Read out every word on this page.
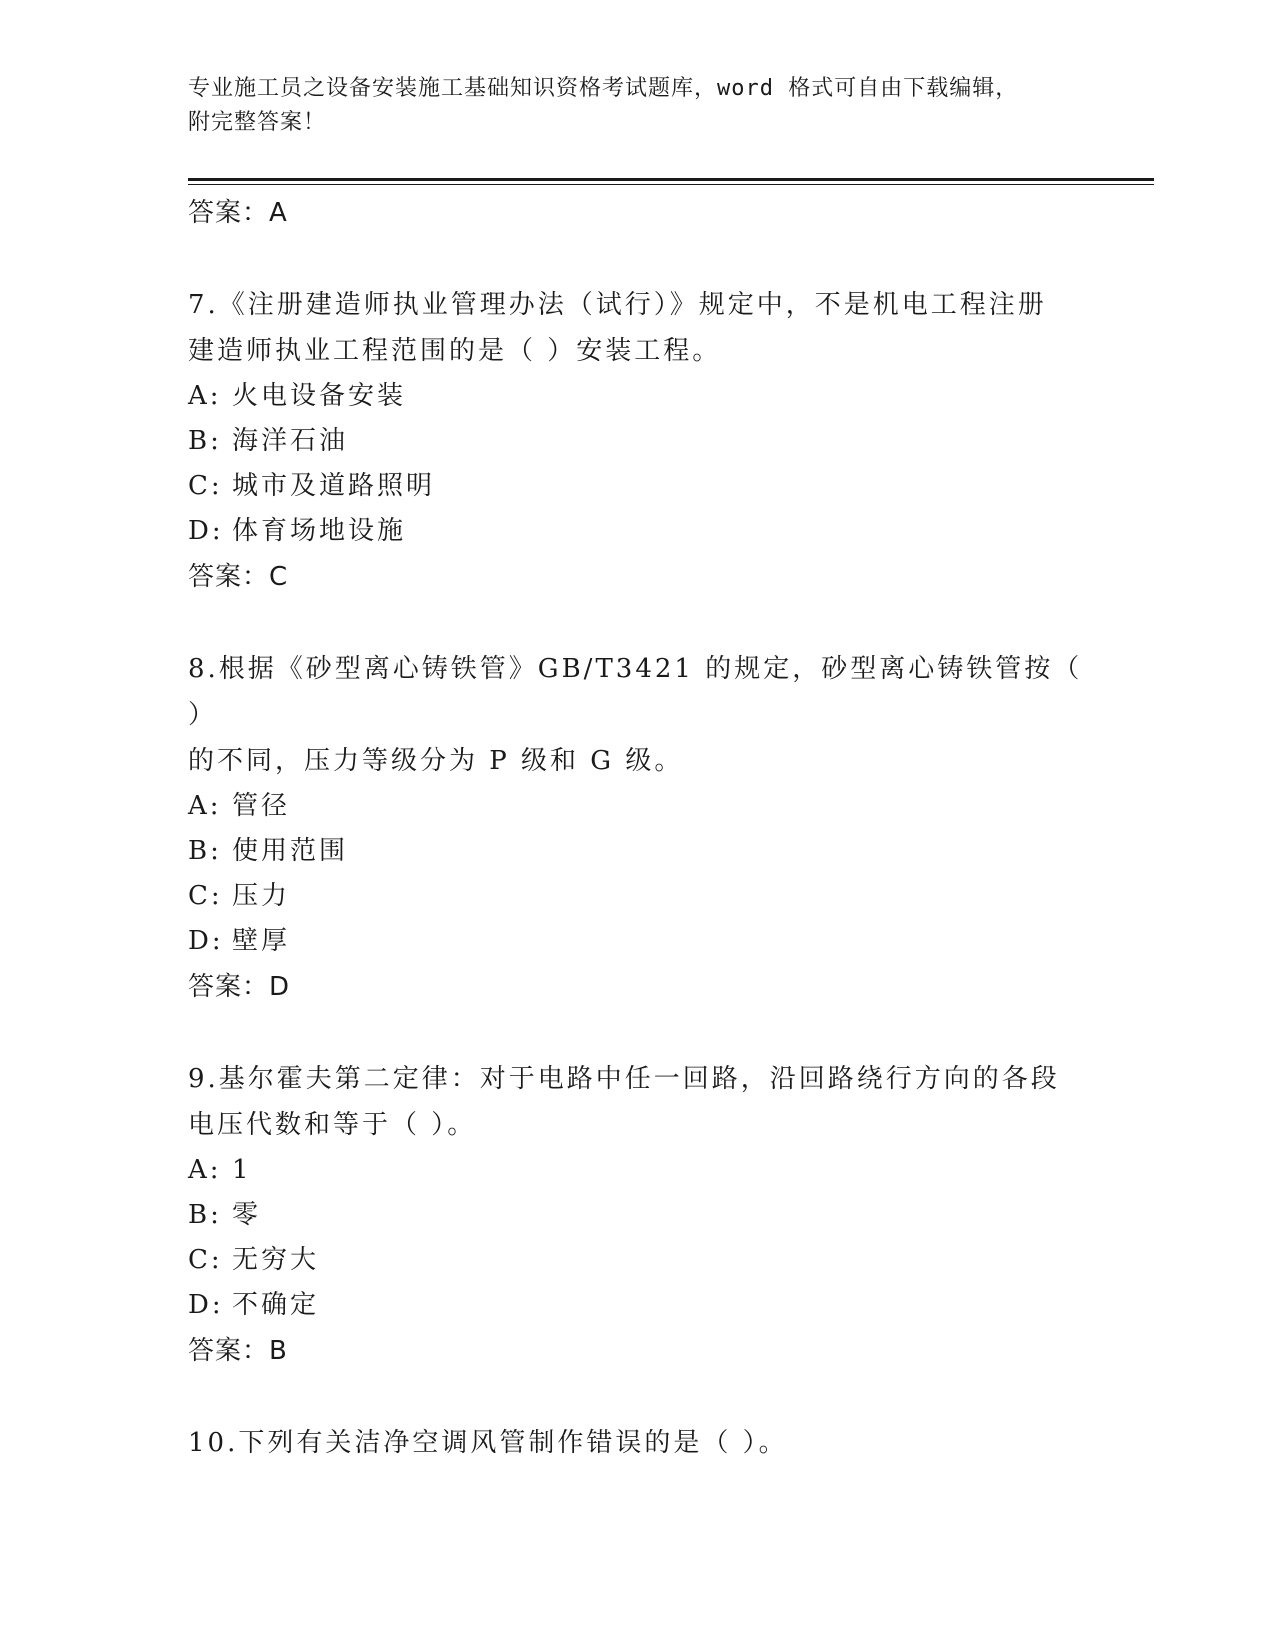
专业施工员之设备安装施工基础知识资格考试题库，word 格式可自由下载编辑，
附完整答案！

答案：A

7.《注册建造师执业管理办法（试行）》规定中，不是机电工程注册

建造师执业工程范围的是（ ）安装工程。

A: 火电设备安装

B: 海洋石油

C: 城市及道路照明

D: 体育场地设施

答案：C

8.根据《砂型离心铸铁管》GB/T3421 的规定，砂型离心铸铁管按（ ）

的不同，压力等级分为 P 级和 G 级。

A: 管径

B: 使用范围

C: 压力

D: 壁厚

答案：D

9.基尔霍夫第二定律：对于电路中任一回路，沿回路绕行方向的各段

电压代数和等于（ ）。

A: 1

B: 零

C: 无穷大

D: 不确定

答案：B

10.下列有关洁净空调风管制作错误的是（ ）。
